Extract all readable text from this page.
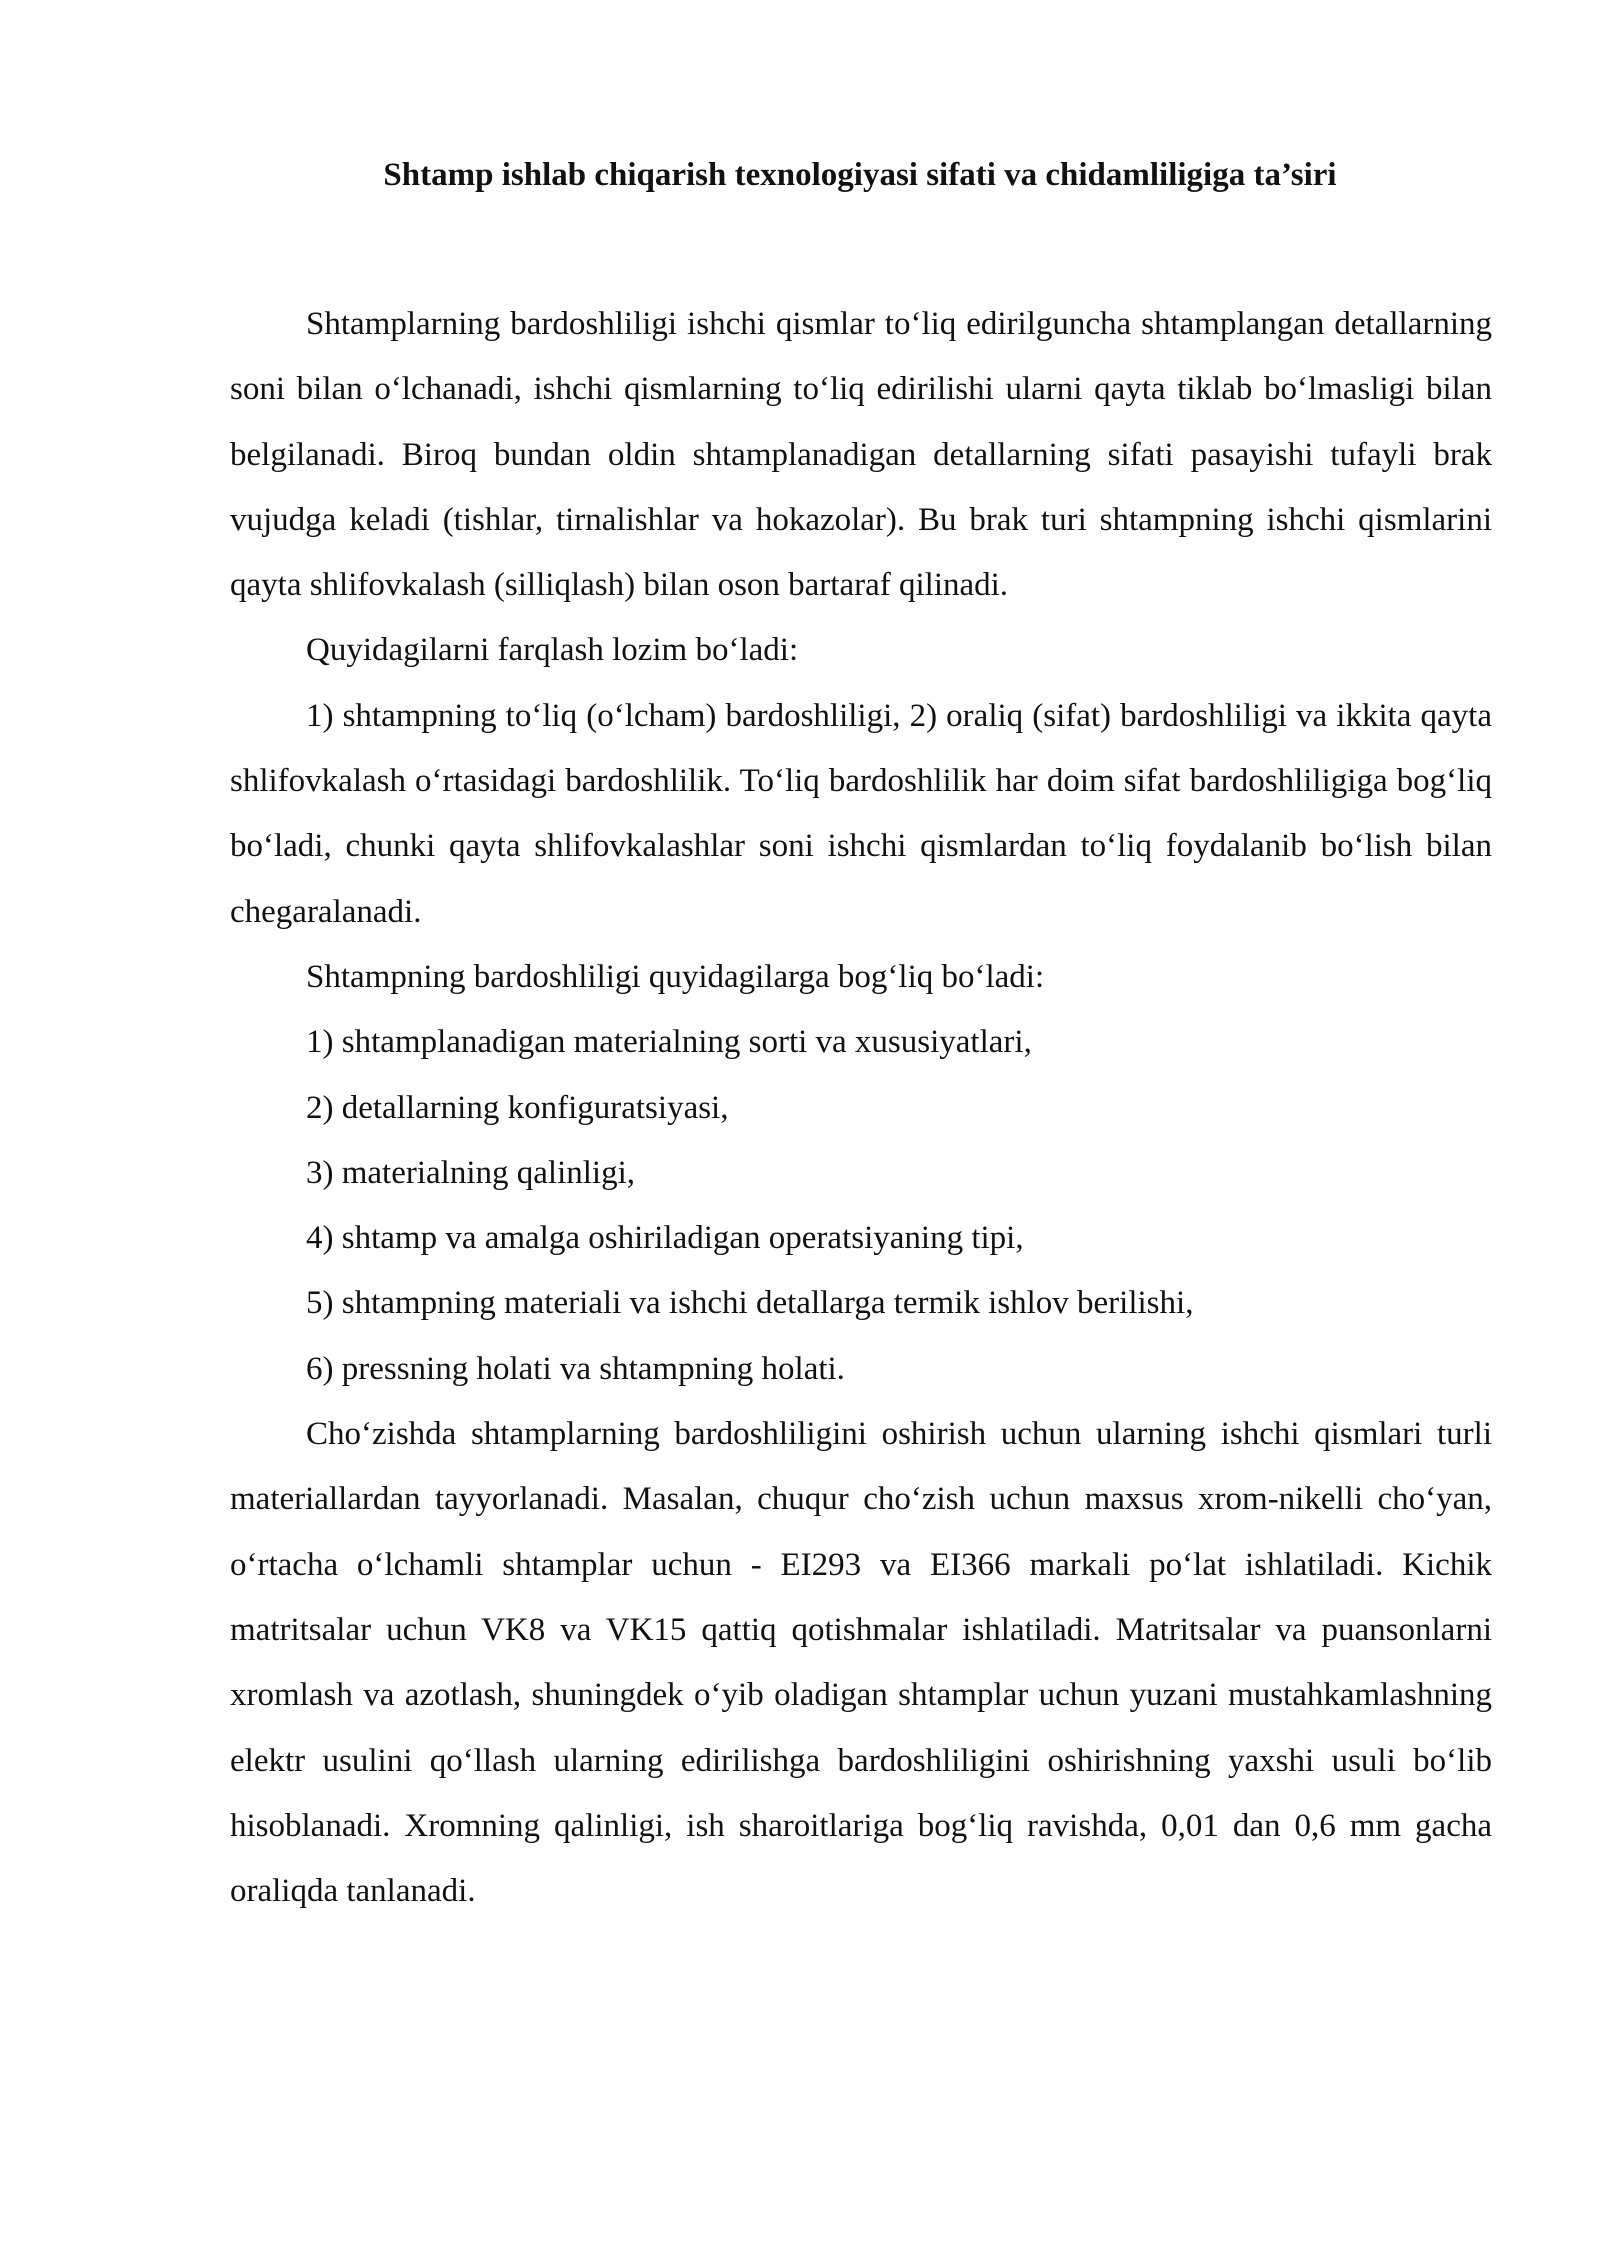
Shtamp ishlab chiqarish texnologiyasi sifati va chidamliligiga ta’siri

Shtamplarning bardoshliligi ishchi qismlar to‘liq edirilguncha shtamplangan detallarning soni bilan o‘lchanadi, ishchi qismlarning to‘liq edirilishi ularni qayta tiklab bo‘lmasligi bilan belgilanadi. Biroq bundan oldin shtamplanadigan detallarning sifati pasayishi tufayli brak vujudga keladi (tishlar, tirnalishlar va hokazolar). Bu brak turi shtampning ishchi qismlarini qayta shlifovkalash (silliqlash) bilan oson bartaraf qilinadi.

Quyidagilarni farqlash lozim bo‘ladi:

1) shtampning to‘liq (o‘lcham) bardoshliligi, 2) oraliq (sifat) bardoshliligi va ikkita qayta shlifovkalash o‘rtasidagi bardoshlilik. To‘liq bardoshlilik har doim sifat bardoshliligiga bog‘liq bo‘ladi, chunki qayta shlifovkalashlar soni ishchi qismlardan to‘liq foydalanib bo‘lish bilan chegaralanadi.

Shtampning bardoshliligi quyidagilarga bog‘liq bo‘ladi:

1) shtamplanadigan materialning sorti va xususiyatlari,

2) detallarning konfiguratsiyasi,

3) materialning qalinligi,

4) shtamp va amalga oshiriladigan operatsiyaning tipi,

5) shtampning materiali va ishchi detallarga termik ishlov berilishi,

6) pressning holati va shtampning holati.

Cho‘zishda shtamplarning bardoshliligini oshirish uchun ularning ishchi qismlari turli materiallardan tayyorlanadi. Masalan, chuqur cho‘zish uchun maxsus xrom-nikelli cho‘yan, o‘rtacha o‘lchamli shtamplar uchun - EI293 va EI366 markali po‘lat ishlatiladi. Kichik matritsalar uchun VK8 va VK15 qattiq qotishmalar ishlatiladi. Matritsalar va puansonlarni xromlash va azotlash, shuningdek o‘yib oladigan shtamplar uchun yuzani mustahkamlashning elektr usulini qo‘llash ularning edirilishga bardoshliligini oshirishning yaxshi usuli bo‘lib hisoblanadi. Xromning qalinligi, ish sharoitlariga bog‘liq ravishda, 0,01 dan 0,6 mm gacha oraliqda tanlanadi.
